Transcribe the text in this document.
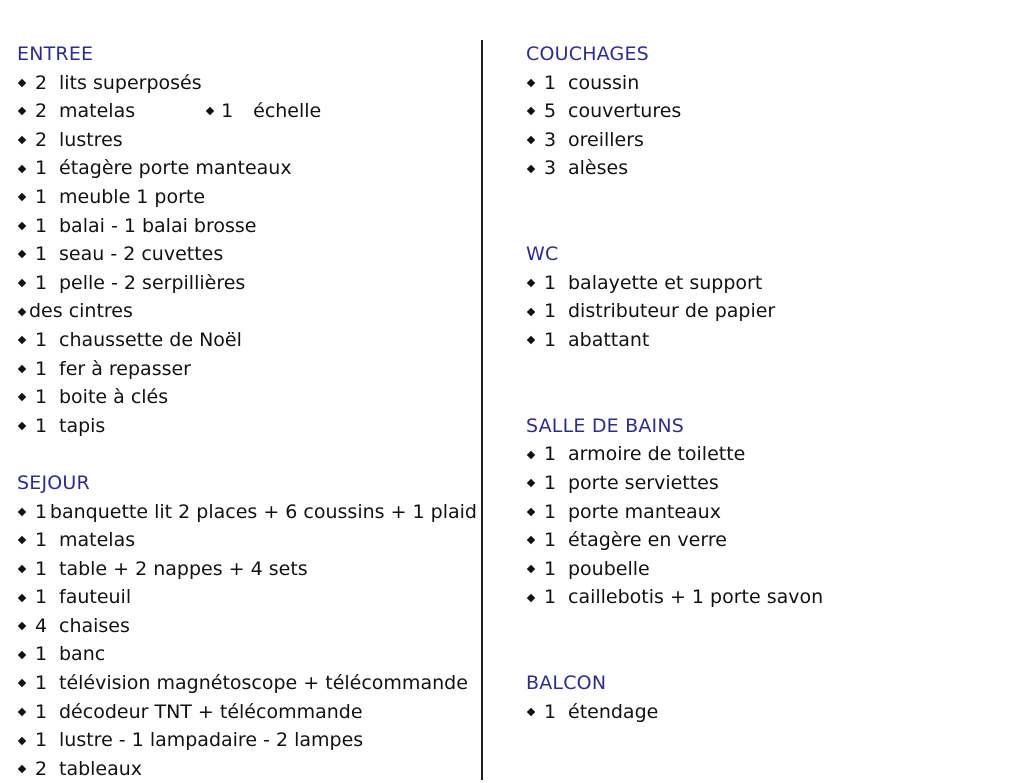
ENTREE
2 lits superposés
2 matelas	1	échelle
2 lustres
1 étagère porte manteaux
1 meuble 1 porte
1 balai - 1 balai brosse
1 seau - 2 cuvettes
1 pelle - 2 serpillières
des cintres
1 chaussette de Noël
1 fer à repasser
1 boite à clés
1 tapis
SEJOUR
1 banquette lit 2 places + 6 coussins + 1 plaid
1 matelas
1 table + 2 nappes + 4 sets
1 fauteuil
4 chaises
1 banc
1 télévision magnétoscope + télécommande
1 décodeur TNT + télécommande
1 lustre - 1 lampadaire - 2 lampes
2 tableaux
COUCHAGES
1 coussin
5 couvertures
3 oreillers
3 alèses
WC
1 balayette et support
1 distributeur de papier
1 abattant
SALLE DE BAINS
1 armoire de toilette
1 porte serviettes
1 porte manteaux
1 étagère en verre
1 poubelle
1 caillebotis + 1 porte savon
BALCON
1 étendage
